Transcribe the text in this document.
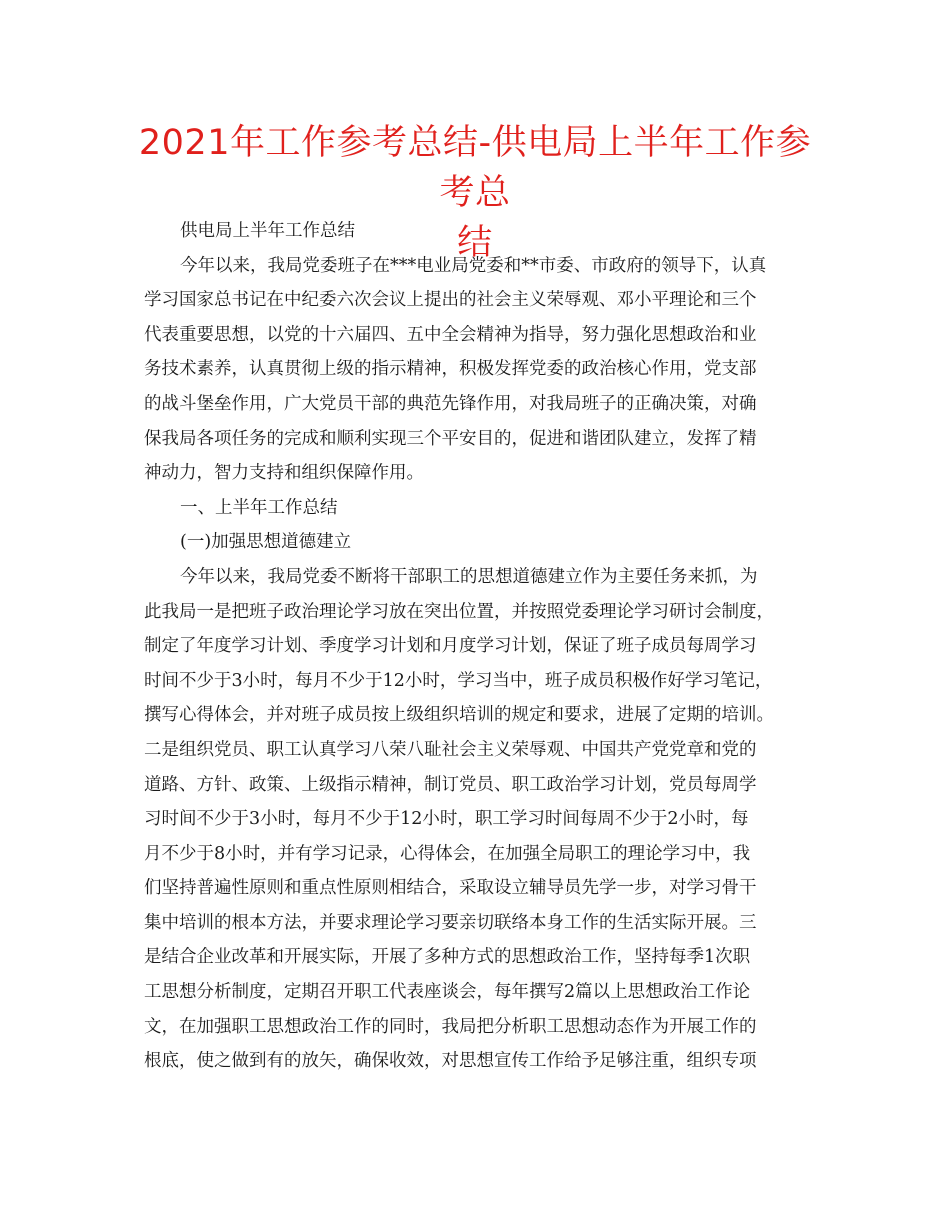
2021年工作参考总结-供电局上半年工作参考总
结
供电局上半年工作总结
今年以来，我局党委班子在***电业局党委和**市委、市政府的领导下，认真
学习国家总书记在中纪委六次会议上提出的社会主义荣辱观、邓小平理论和三个
代表重要思想，以党的十六届四、五中全会精神为指导，努力强化思想政治和业
务技术素养，认真贯彻上级的指示精神，积极发挥党委的政治核心作用，党支部
的战斗堡垒作用，广大党员干部的典范先锋作用，对我局班子的正确决策，对确
保我局各项任务的完成和顺利实现三个平安目的，促进和谐团队建立，发挥了精
神动力，智力支持和组织保障作用。
一、上半年工作总结
(一)加强思想道德建立
今年以来，我局党委不断将干部职工的思想道德建立作为主要任务来抓，为
此我局一是把班子政治理论学习放在突出位置，并按照党委理论学习研讨会制度，
制定了年度学习计划、季度学习计划和月度学习计划，保证了班子成员每周学习
时间不少于3小时，每月不少于12小时，学习当中，班子成员积极作好学习笔记，
撰写心得体会，并对班子成员按上级组织培训的规定和要求，进展了定期的培训。
二是组织党员、职工认真学习八荣八耻社会主义荣辱观、中国共产党党章和党的
道路、方针、政策、上级指示精神，制订党员、职工政治学习计划，党员每周学
习时间不少于3小时，每月不少于12小时，职工学习时间每周不少于2小时，每
月不少于8小时，并有学习记录，心得体会，在加强全局职工的理论学习中，我
们坚持普遍性原则和重点性原则相结合，采取设立辅导员先学一步，对学习骨干
集中培训的根本方法，并要求理论学习要亲切联络本身工作的生活实际开展。三
是结合企业改革和开展实际，开展了多种方式的思想政治工作，坚持每季1次职
工思想分析制度，定期召开职工代表座谈会，每年撰写2篇以上思想政治工作论
文，在加强职工思想政治工作的同时，我局把分析职工思想动态作为开展工作的
根底，使之做到有的放矢，确保收效，对思想宣传工作给予足够注重，组织专项
